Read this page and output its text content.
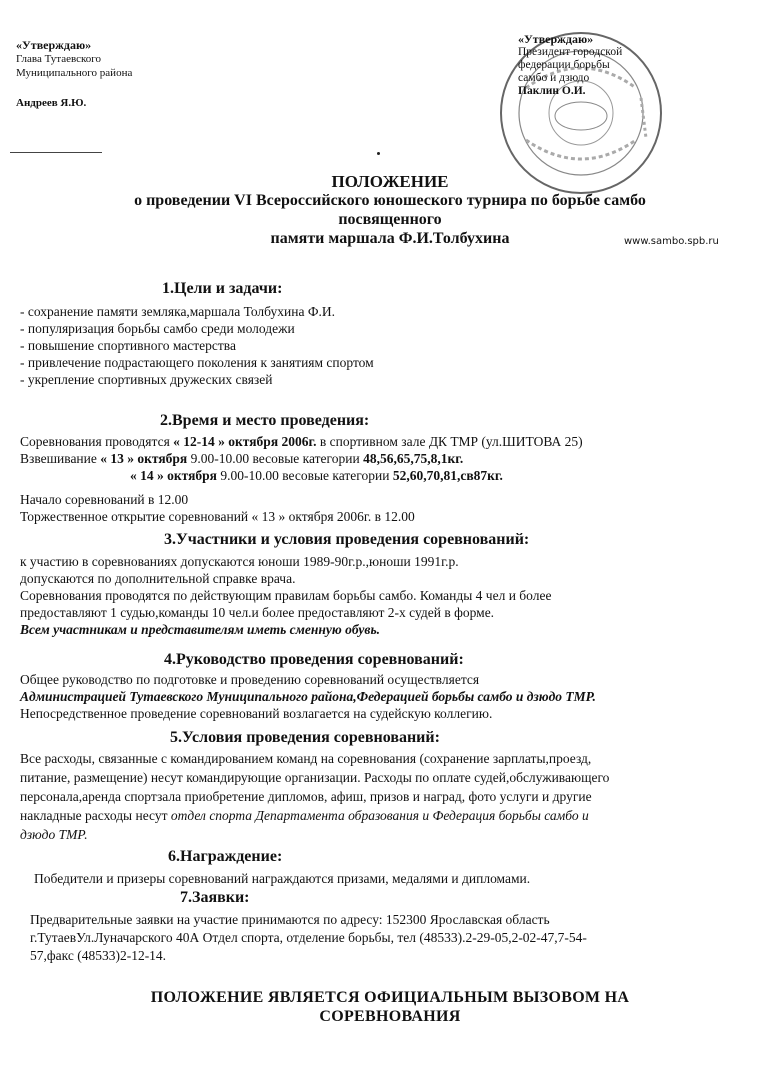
«Утверждаю»
Глава Тутаевского
Муниципального района
Андреев Я.Ю.
«Утверждаю»
Президент городской
федерации борьбы
самбо и дзюдо
Паклин О.И.
ПОЛОЖЕНИЕ
о проведении VI Всероссийского юношеского турнира по борьбе самбо
посвященного
памяти маршала Ф.И.Толбухина	www.sambo.spb.ru
1.Цели и задачи:
- сохранение памяти земляка,маршала Толбухина Ф.И.
- популяризация борьбы самбо среди молодежи
- повышение спортивного мастерства
- привлечение подрастающего поколения к занятиям спортом
- укрепление спортивных дружеских связей
2.Время и место проведения:
Соревнования проводятся « 12-14 » октября 2006г. в спортивном зале ДК ТМР (ул.ШИТОВА 25)
Взвешивание « 13 » октября 9.00-10.00 весовые категории 48,56,65,75,8,1кг.
« 14 » октября 9.00-10.00 весовые категории 52,60,70,81,св87кг.
Начало соревнований в 12.00
Торжественное открытие соревнований « 13 » октября 2006г. в 12.00
3.Участники и условия проведения соревнований:
к участию в соревнованиях допускаются юноши 1989-90г.р.,юноши 1991г.р.
допускаются по дополнительной справке врача.
Соревнования проводятся по действующим правилам борьбы самбо. Команды 4 чел и более
предоставляют 1 судью,команды 10 чел.и более предоставляют 2-х судей в форме.
Всем участникам и представителям иметь сменную обувь.
4.Руководство проведения соревнований:
Общее руководство по подготовке и проведению соревнований осуществляется
Администрацией Тутаевского Муниципального района,Федерацией борьбы самбо и дзюдо ТМР.
Непосредственное проведение соревнований возлагается на судейскую коллегию.
5.Условия проведения соревнований:
Все расходы, связанные с командированием команд на соревнования (сохранение зарплаты,проезд,
питание, размещение) несут командирующие организации. Расходы по оплате судей,обслуживающего
персонала,аренда спортзала приобретение дипломов, афиш, призов и наград, фото услуги и другие
накладные расходы несут отдел спорта Департамента образования и Федерация борьбы самбо и
дзюдо ТМР.
6.Награждение:
Победители и призеры соревнований награждаются призами, медалями и дипломами.
7.Заявки:
Предварительные заявки на участие принимаются по адресу: 152300 Ярославская область
г.ТутаевУл.Луначарского 40А Отдел спорта, отделение борьбы, тел (48533).2-29-05,2-02-47,7-54-
57,факс (48533)2-12-14.
ПОЛОЖЕНИЕ ЯВЛЯЕТСЯ ОФИЦИАЛЬНЫМ ВЫЗОВОМ НА
СОРЕВНОВАНИЯ
